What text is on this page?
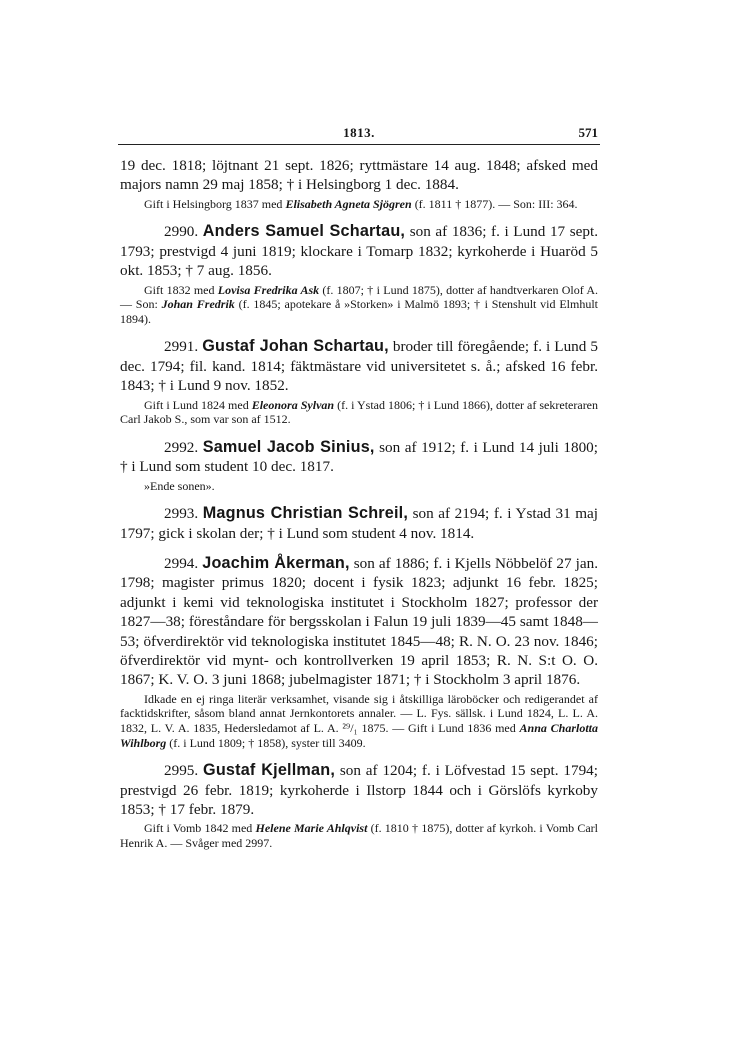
1813.	571

19 dec. 1818; löjtnant 21 sept. 1826; ryttmästare 14 aug. 1848; afsked med majors namn 29 maj 1858; † i Helsingborg 1 dec. 1884.

Gift i Helsingborg 1837 med Elisabeth Agneta Sjögren (f. 1811 † 1877). — Son: III: 364.

2990. Anders Samuel Schartau, son af 1836; f. i Lund 17 sept. 1793; prestvigd 4 juni 1819; klockare i Tomarp 1832; kyrkoherde i Huaröd 5 okt. 1853; † 7 aug. 1856.

Gift 1832 med Lovisa Fredrika Ask (f. 1807; † i Lund 1875), dotter af handtverkaren Olof A. — Son: Johan Fredrik (f. 1845; apotekare å »Storken» i Malmö 1893; † i Stenshult vid Elmhult 1894).

2991. Gustaf Johan Schartau, broder till föregående; f. i Lund 5 dec. 1794; fil. kand. 1814; fäktmästare vid universitetet s. å.; afsked 16 febr. 1843; † i Lund 9 nov. 1852.

Gift i Lund 1824 med Eleonora Sylvan (f. i Ystad 1806; † i Lund 1866), dotter af sekreteraren Carl Jakob S., som var son af 1512.

2992. Samuel Jacob Sinius, son af 1912; f. i Lund 14 juli 1800; † i Lund som student 10 dec. 1817.

»Ende sonen».

2993. Magnus Christian Schreil, son af 2194; f. i Ystad 31 maj 1797; gick i skolan der; † i Lund som student 4 nov. 1814.

2994. Joachim Åkerman, son af 1886; f. i Kjells Nöbbelöf 27 jan. 1798; magister primus 1820; docent i fysik 1823; adjunkt 16 febr. 1825; adjunkt i kemi vid teknologiska institutet i Stockholm 1827; professor der 1827—38; föreståndare för bergsskolan i Falun 19 juli 1839—45 samt 1848—53; öfverdirektör vid teknologiska institutet 1845—48; R. N. O. 23 nov. 1846; öfverdirektör vid mynt- och kontrollverken 19 april 1853; R. N. S:t O. O. 1867; K. V. O. 3 juni 1868; jubelmagister 1871; † i Stockholm 3 april 1876.

Idkade en ej ringa literär verksamhet, visande sig i åtskilliga läroböcker och redigerandet af facktidskrifter, såsom bland annat Jernkontorets annaler. — L. Fys. sällsk. i Lund 1824, L. L. A. 1832, L. V. A. 1835, Hedersledamot af L. A. ²⁹/₁ 1875. — Gift i Lund 1836 med Anna Charlotta Wihlborg (f. i Lund 1809; † 1858), syster till 3409.

2995. Gustaf Kjellman, son af 1204; f. i Löfvestad 15 sept. 1794; prestvigd 26 febr. 1819; kyrkoherde i Ilstorp 1844 och i Görslöfs kyrkoby 1853; † 17 febr. 1879.

Gift i Vomb 1842 med Helene Marie Ahlqvist (f. 1810 † 1875), dotter af kyrkoh. i Vomb Carl Henrik A. — Svåger med 2997.
